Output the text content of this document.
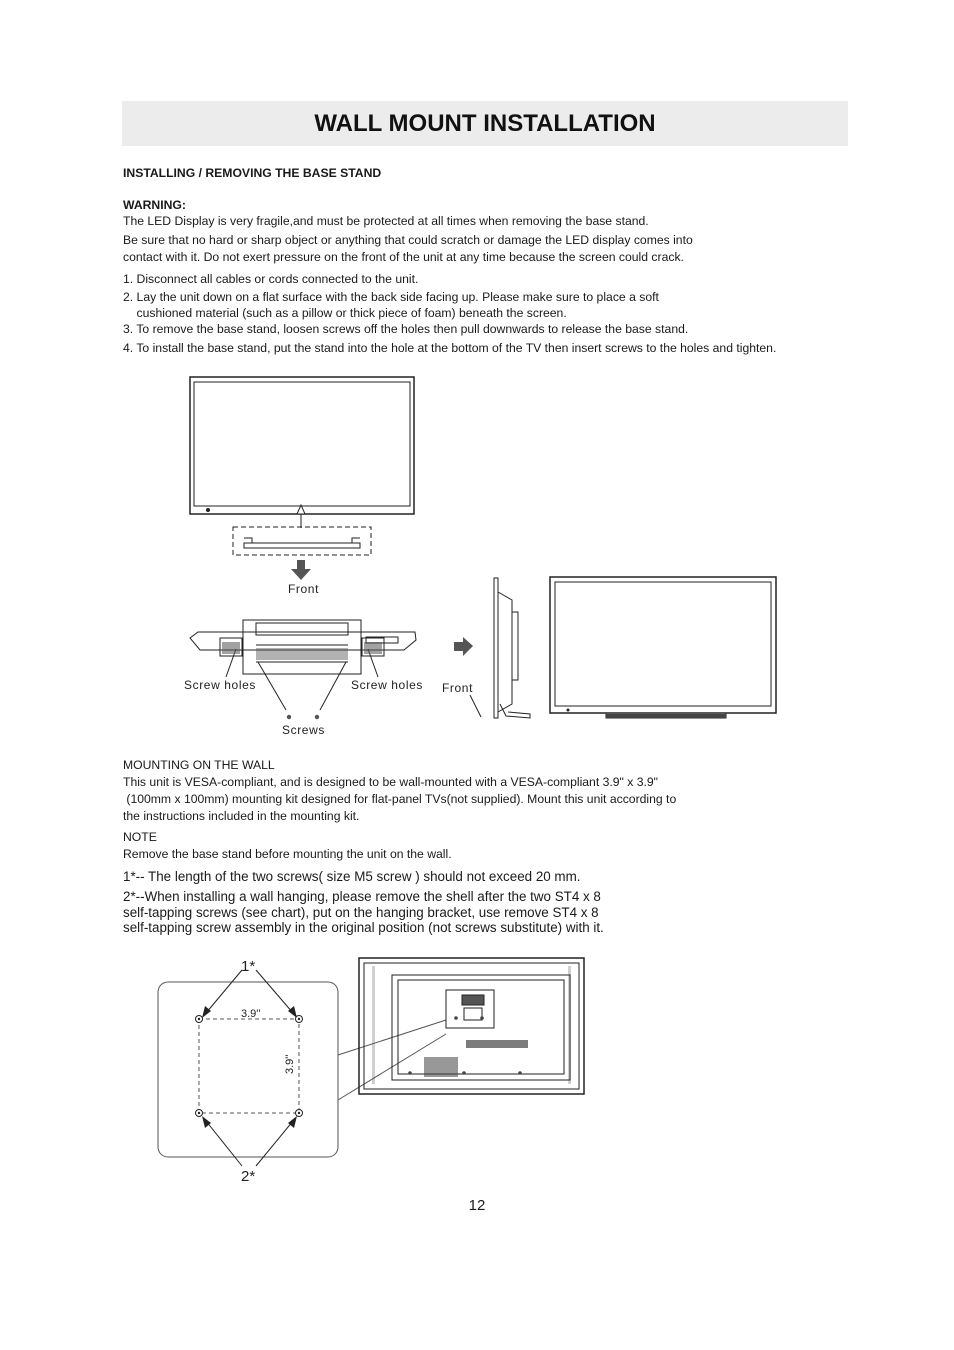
WALL MOUNT INSTALLATION
INSTALLING / REMOVING THE BASE STAND
WARNING:
The LED Display is very fragile,and must be protected at all times when removing the base stand.
Be sure that no hard or sharp object or anything that could scratch or damage the LED display comes into
contact with it. Do not exert pressure on the front of the unit at any time because the screen could crack.
1. Disconnect all cables or cords connected to the unit.
2. Lay the unit down on a flat surface with the back side facing up. Please make sure to place a soft
cushioned material (such as a pillow or thick piece of foam) beneath the screen.
3. To remove the base stand, loosen screws off the holes then pull downwards to release the base stand.
4. To install the base stand, put the stand into the hole at the bottom of the TV then insert screws to the holes and tighten.
Front
Screw holes	Screw holes
Screws
Front
MOUNTING ON THE WALL
This unit is VESA-compliant, and is designed to be wall-mounted with a VESA-compliant 3.9" x 3.9"
(100mm x 100mm) mounting kit designed for flat-panel TVs(not supplied). Mount this unit according to
the instructions included in the mounting kit.
NOTE
Remove the base stand before mounting the unit on the wall.
1*-- The length of the two screws( size M5 screw ) should not exceed 20 mm.
2*--When installing a wall hanging, please remove the shell after the two ST4 x 8
self-tapping screws (see chart), put on the hanging bracket, use remove ST4 x 8
self-tapping screw assembly in the original position (not screws substitute) with it.
1*
2*
3.9''
3.9''
12
